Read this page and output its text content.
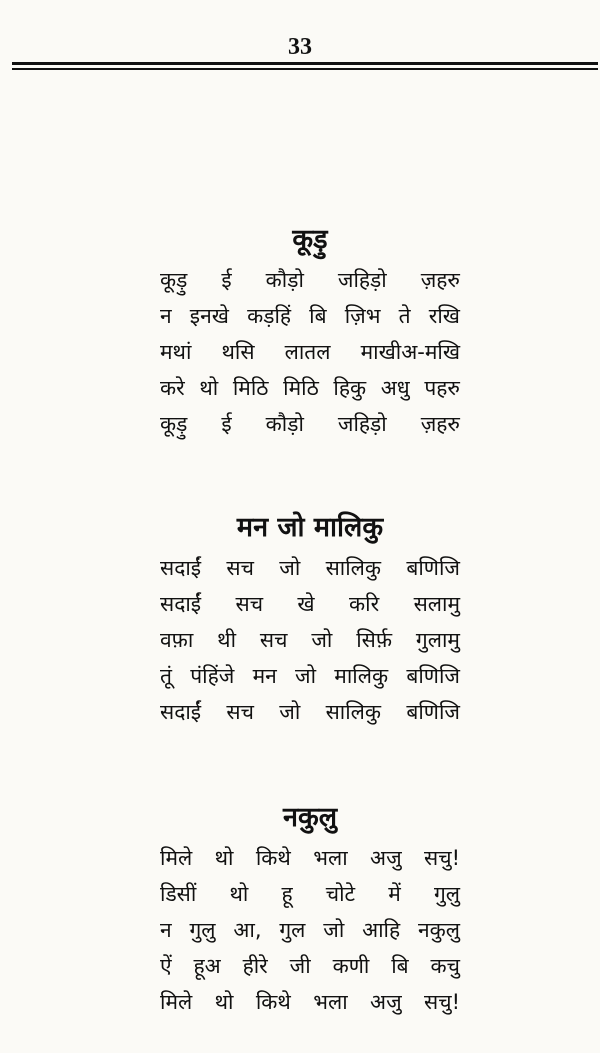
33
कूड़ु
कूड़ु ई कौड़ो जहिड़ो ज़हरु
न इनखे कड़हिं बि ज़िभ ते रखि
मथां थसि लातल माखीअ-मखि
करे थो मिठि मिठि हिकु अधु पहरु
कूड़ु ई कौड़ो जहिड़ो ज़हरु
मन जो मालिकु
सदाईं सच जो सालिकु बणिजि
सदाईं सच खे करि सलामु
वफ़ा थी सच जो सिर्फ़ गुलामु
तूं पंहिंजे मन जो मालिकु बणिजि
सदाईं सच जो सालिकु बणिजि
नकुलु
मिले थो किथे भला अजु सचु!
डिसीं थो हू चोटे में गुलु
न गुलु आ, गुल जो आहि नकुलु
ऐं हूअ हीरे जी कणी बि कचु
मिले थो किथे भला अजु सचु!
